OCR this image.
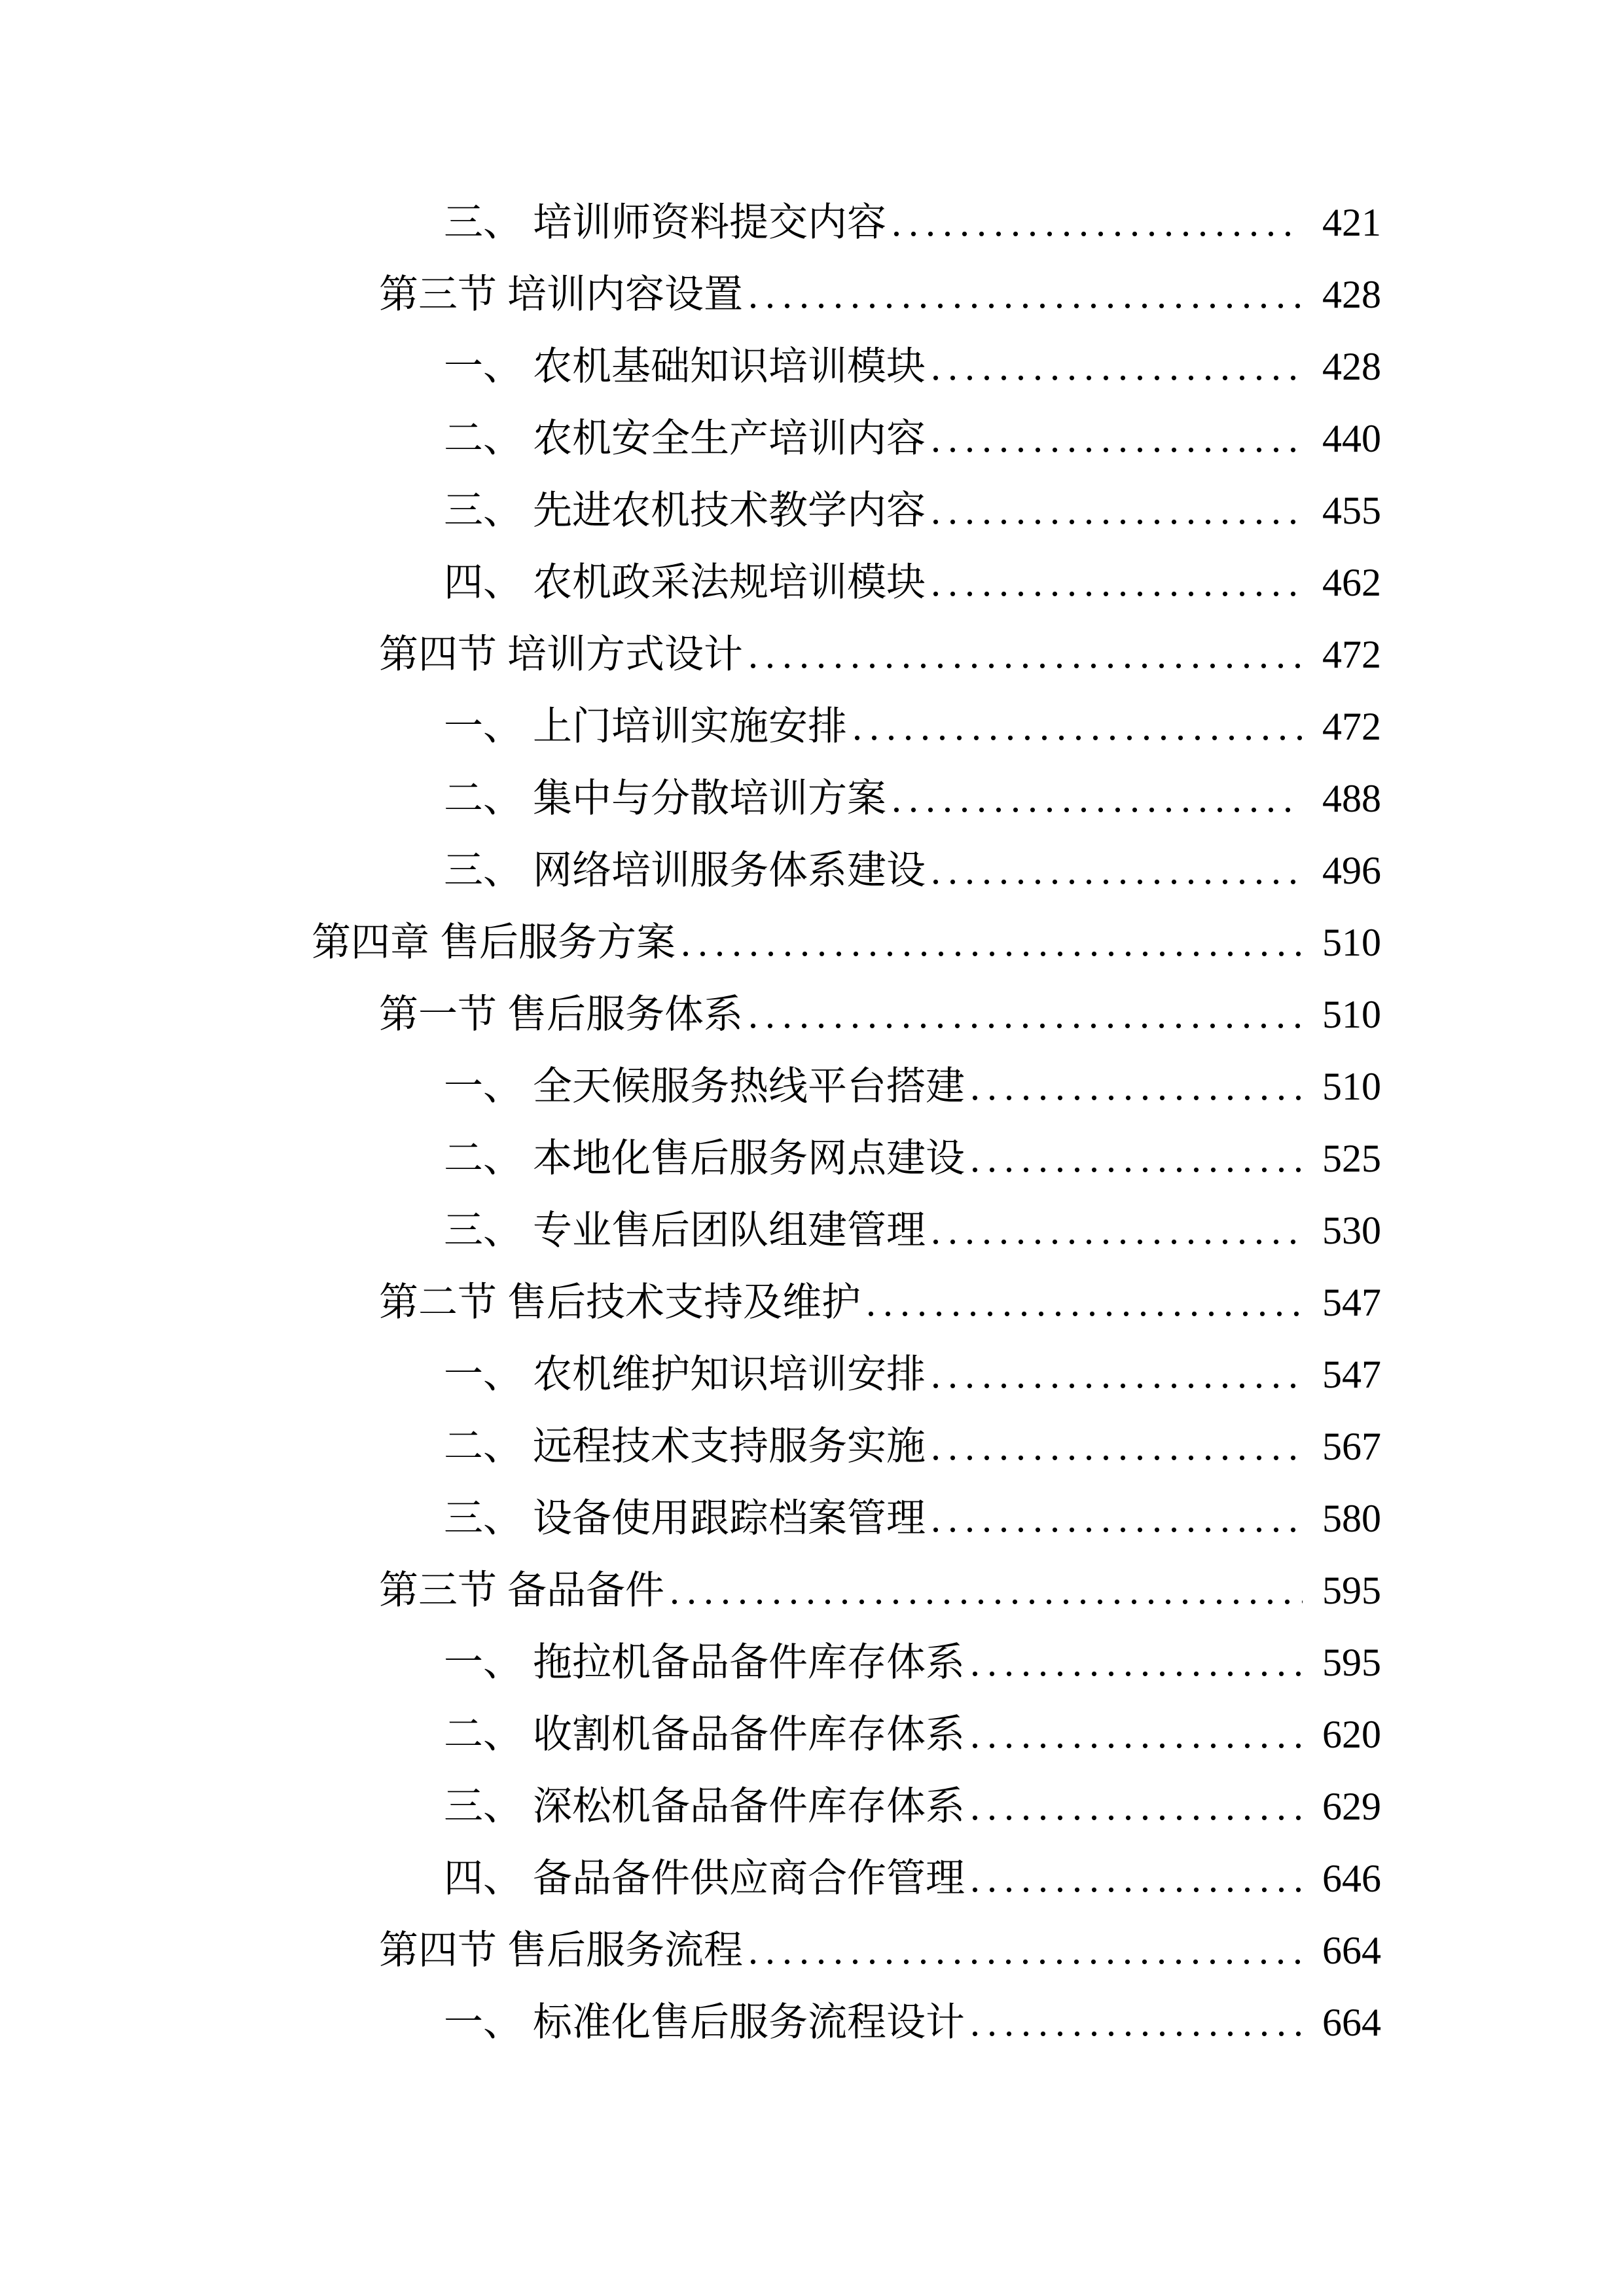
三、 培训师资料提交内容 .....	421
第三节 培训内容设置 .....	428
一、 农机基础知识培训模块 .....	428
二、 农机安全生产培训内容 .....	440
三、 先进农机技术教学内容 .....	455
四、 农机政采法规培训模块 .....	462
第四节 培训方式设计 .....	472
一、 上门培训实施安排 .....	472
二、 集中与分散培训方案 .....	488
三、 网络培训服务体系建设 .....	496
第四章 售后服务方案 .....	510
第一节 售后服务体系 .....	510
一、 全天候服务热线平台搭建 .....	510
二、 本地化售后服务网点建设 .....	525
三、 专业售后团队组建管理 .....	530
第二节 售后技术支持及维护 .....	547
一、 农机维护知识培训安排 .....	547
二、 远程技术支持服务实施 .....	567
三、 设备使用跟踪档案管理 .....	580
第三节 备品备件 .....	595
一、 拖拉机备品备件库存体系 .....	595
二、 收割机备品备件库存体系 .....	620
三、 深松机备品备件库存体系 .....	629
四、 备品备件供应商合作管理 .....	646
第四节 售后服务流程 .....	664
一、 标准化售后服务流程设计 .....	664
